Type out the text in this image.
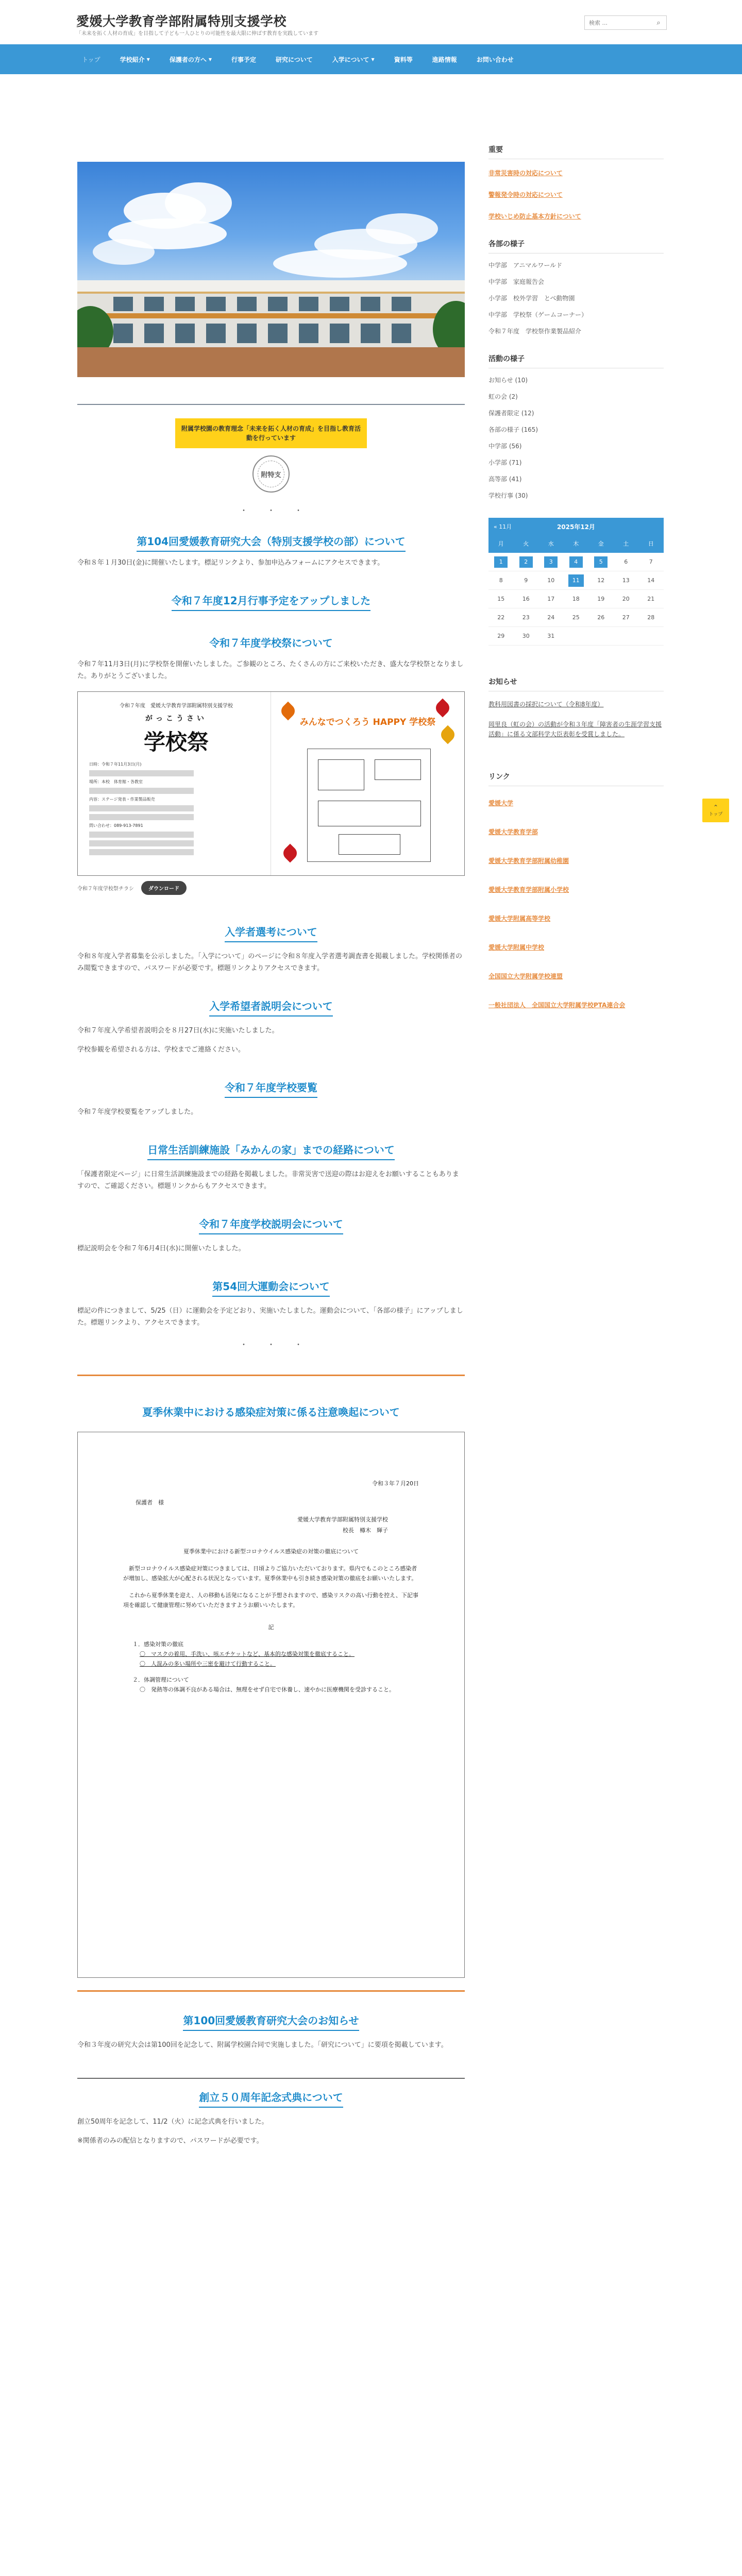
愛媛大学教育学部附属特別支援学校
「未来を拓く人材の育成」を目指して子ども一人ひとりの可能性を最大限に伸ばす教育を実践しています
検索 ...
⌕
トップ	学校紹介 ▼	保護者の方へ ▼	行事予定	研究について	入学について ▼	資料等	進路情報	お問い合わせ
附属学校園の教育理念「未来を拓く人材の育成」を目指し教育活動を行っています
附特支
・・・
第104回愛媛教育研究大会（特別支援学校の部）について
令和８年１月30日(金)に開催いたします。標記リンクより、参加申込みフォームにアクセスできます。
令和７年度12月行事予定をアップしました
令和７年度学校祭について
令和７年11月3日(月)に学校祭を開催いたしました。ご参観のところ、たくさんの方にご来校いただき、盛大な学校祭となりました。ありがとうございました。
令和７年度　愛媛大学教育学部附属特別支援学校
がっこうさい
学校祭
日時：令和７年11月3日(月)
場所：本校　体育館・各教室
内容：ステージ発表・作業製品販売
問い合わせ：089-913-7891
みんなでつくろう HAPPY 学校祭
令和７年度学校祭チラシ	ダウンロード
入学者選考について
令和８年度入学者募集を公示しました。「入学について」のページに令和８年度入学者選考調査書を掲載しました。学校関係者のみ閲覧できますので、パスワードが必要です。標題リンクよりアクセスできます。
入学希望者説明会について
令和７年度入学希望者説明会を８月27日(水)に実施いたしました。
学校参観を希望される方は、学校までご連絡ください。
令和７年度学校要覧
令和７年度学校要覧をアップしました。
日常生活訓練施設「みかんの家」までの経路について
「保護者限定ページ」に日常生活訓練施設までの経路を掲載しました。非常災害で送迎の際はお迎えをお願いすることもありますので、ご確認ください。標題リンクからもアクセスできます。
令和７年度学校説明会について
標記説明会を令和７年6月4日(水)に開催いたしました。
第54回大運動会について
標記の件につきまして、5/25（日）に運動会を予定どおり、実施いたしました。運動会について、「各部の様子」にアップしました。標題リンクより、アクセスできます。
・・・
夏季休業中における感染症対策に係る注意喚起について
令和３年７月20日
保護者　様
愛媛大学教育学部附属特別支援学校
校長　樽木　輝子
夏季休業中における新型コロナウイルス感染症の対策の徹底について
新型コロナウイルス感染症対策につきましては、日頃よりご協力いただいております。県内でもこのところ感染者が増加し、感染拡大が心配される状況となっています。夏季休業中も引き続き感染対策の徹底をお願いいたします。
これから夏季休業を迎え、人の移動も活発になることが予想されますので、感染リスクの高い行動を控え、下記事項を確認して健康管理に努めていただきますようお願いいたします。
記
１．感染対策の徹底
〇　マスクの着用、手洗い、咳エチケットなど、基本的な感染対策を徹底すること。
〇　人混みの多い場所や三密を避けて行動すること。
２．体調管理について
〇　発熱等の体調不良がある場合は、無理をせず自宅で休養し、速やかに医療機関を受診すること。
第100回愛媛教育研究大会のお知らせ
令和３年度の研究大会は第100回を記念して、附属学校園合同で実施しました。「研究について」に要項を掲載しています。
創立５０周年記念式典について
創立50周年を記念して、11/2（火）に記念式典を行いました。
※関係者のみの配信となりますので、パスワードが必要です。
重要
非常災害時の対応について
警報発令時の対応について
学校いじめ防止基本方針について
各部の様子
中学部　アニマルワールド
中学部　家庭報告会
小学部　校外学習　とべ動物園
中学部　学校祭（ゲームコーナー）
令和７年度　学校祭作業製品紹介
活動の様子
お知らせ (10)
虹の会 (2)
保護者限定 (12)
各部の様子 (165)
中学部 (56)
小学部 (71)
高等部 (41)
学校行事 (30)
« 11月	2025年12月
月	火	水	木	金	土	日
1	2	3	4	5	6	7
8	9	10	11	12	13	14
15	16	17	18	19	20	21
22	23	24	25	26	27	28
29	30	31
お知らせ
教科用図書の採択について（令和8年度）
岡里良（虹の会）の活動が令和３年度「障害者の生涯学習支援活動」に係る文部科学大臣表彰を受賞しました。
リンク
愛媛大学
愛媛大学教育学部
愛媛大学教育学部附属幼稚園
愛媛大学教育学部附属小学校
愛媛大学附属高等学校
愛媛大学附属中学校
全国国立大学附属学校連盟
一般社団法人　全国国立大学附属学校PTA連合会
⌃
トップ
